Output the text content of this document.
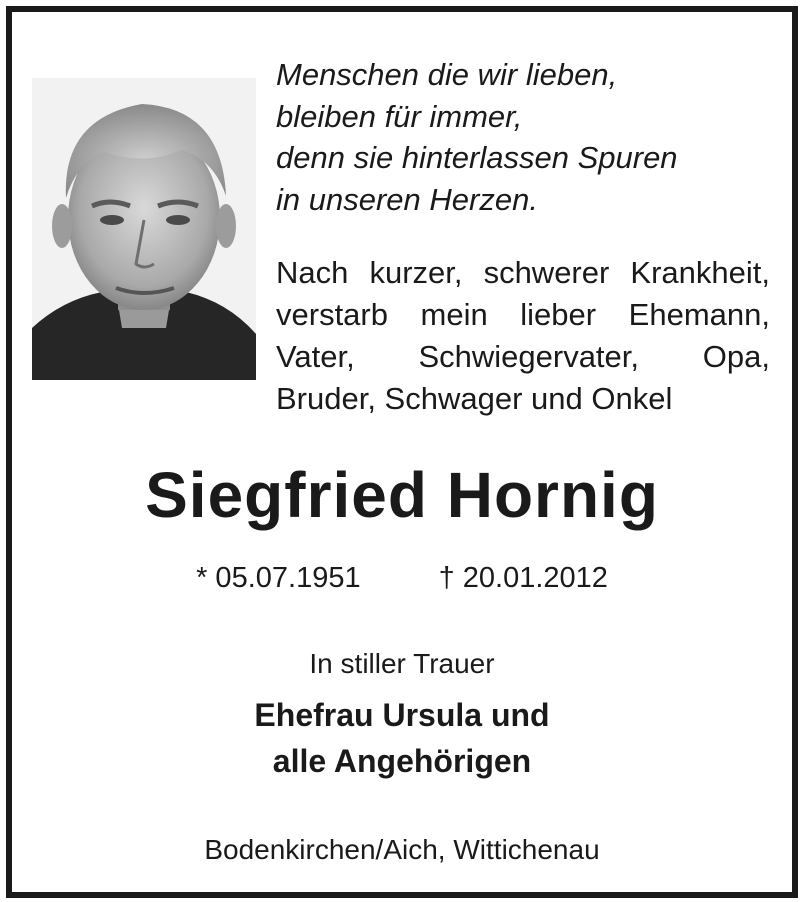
Menschen die wir lieben,
bleiben für immer,
denn sie hinterlassen Spuren
in unseren Herzen.
Nach kurzer, schwerer Krankheit,
verstarb mein lieber Ehemann,
Vater, Schwiegervater, Opa,
Bruder, Schwager und Onkel
Siegfried Hornig
* 05.07.1951	† 20.01.2012
In stiller Trauer
Ehefrau Ursula und
alle Angehörigen
Bodenkirchen/Aich, Wittichenau
